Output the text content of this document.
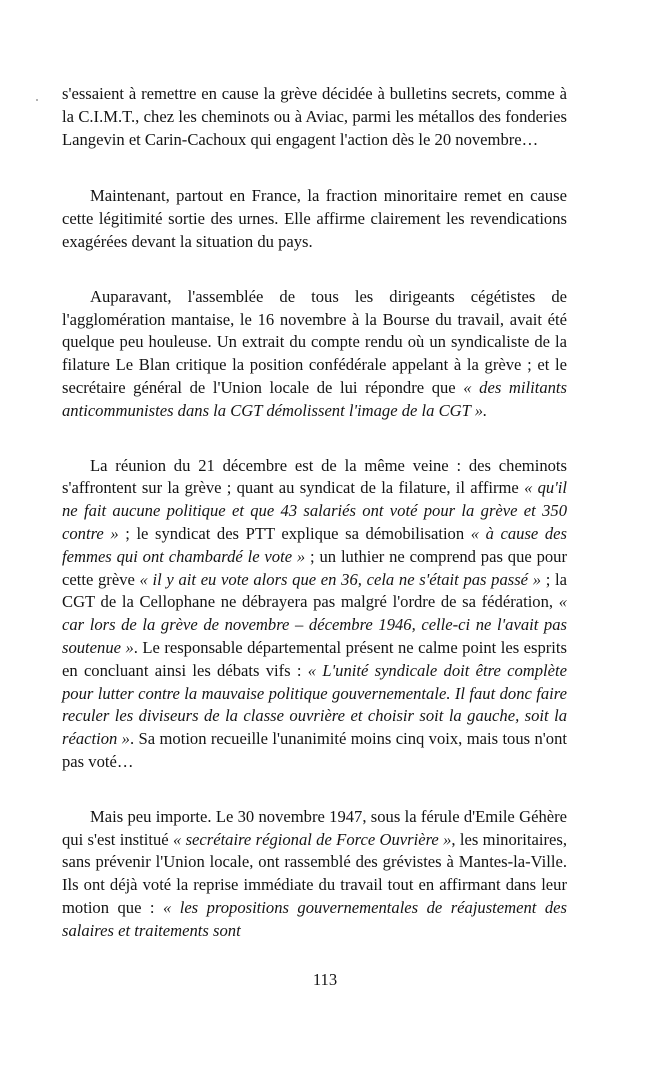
s'essaient à remettre en cause la grève décidée à bulletins secrets, comme à la C.I.M.T., chez les cheminots ou à Aviac, parmi les métallos des fonderies Langevin et Carin-Cachoux qui engagent l'action dès le 20 novembre…

Maintenant, partout en France, la fraction minoritaire remet en cause cette légitimité sortie des urnes. Elle affirme clairement les revendications exagérées devant la situation du pays.

Auparavant, l'assemblée de tous les dirigeants cégétistes de l'agglomération mantaise, le 16 novembre à la Bourse du travail, avait été quelque peu houleuse. Un extrait du compte rendu où un syndicaliste de la filature Le Blan critique la position confédérale appelant à la grève ; et le secrétaire général de l'Union locale de lui répondre que « des militants anticommunistes dans la CGT démolissent l'image de la CGT ».

La réunion du 21 décembre est de la même veine : des cheminots s'affrontent sur la grève ; quant au syndicat de la filature, il affirme « qu'il ne fait aucune politique et que 43 salariés ont voté pour la grève et 350 contre » ; le syndicat des PTT explique sa démobilisation « à cause des femmes qui ont chambardé le vote » ; un luthier ne comprend pas que pour cette grève « il y ait eu vote alors que en 36, cela ne s'était pas passé » ; la CGT de la Cellophane ne débrayera pas malgré l'ordre de sa fédération, « car lors de la grève de novembre – décembre 1946, celle-ci ne l'avait pas soutenue ». Le responsable départemental présent ne calme point les esprits en concluant ainsi les débats vifs : « L'unité syndicale doit être complète pour lutter contre la mauvaise politique gouvernementale. Il faut donc faire reculer les diviseurs de la classe ouvrière et choisir soit la gauche, soit la réaction ». Sa motion recueille l'unanimité moins cinq voix, mais tous n'ont pas voté…

Mais peu importe. Le 30 novembre 1947, sous la férule d'Emile Géhère qui s'est institué « secrétaire régional de Force Ouvrière », les minoritaires, sans prévenir l'Union locale, ont rassemblé des grévistes à Mantes-la-Ville. Ils ont déjà voté la reprise immédiate du travail tout en affirmant dans leur motion que : « les propositions gouvernementales de réajustement des salaires et traitements sont

113
